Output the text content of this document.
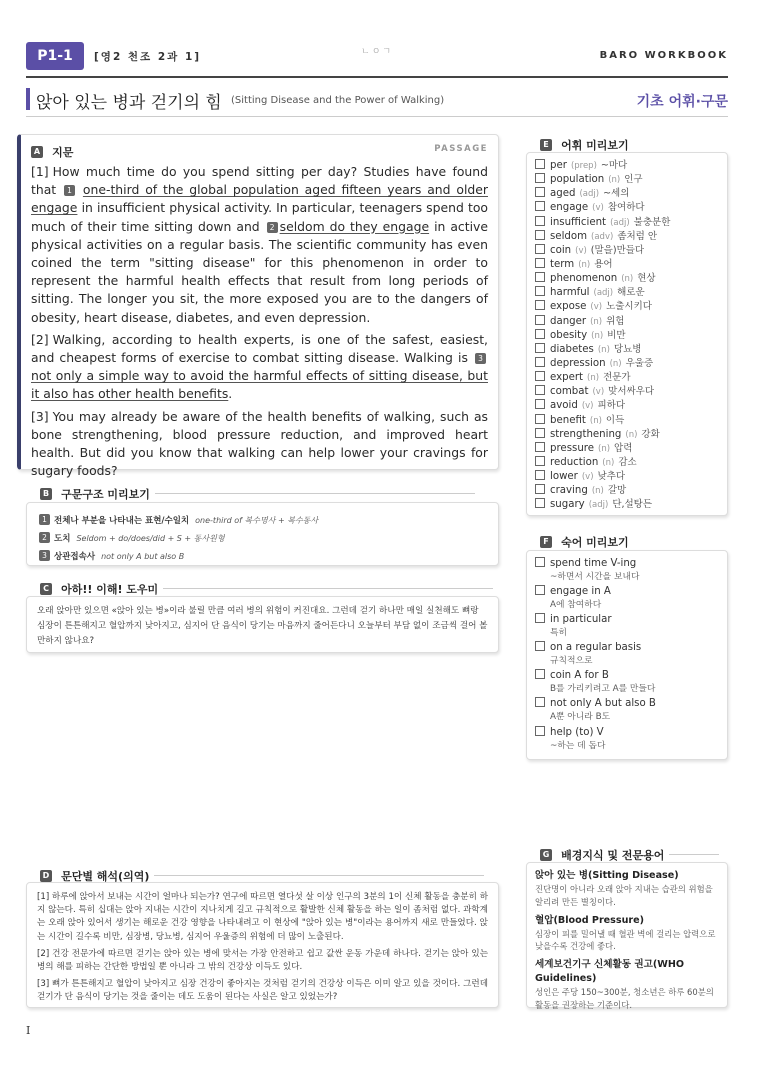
P1-1	[영2 천조 2과 1]	ㄴㅇㄱ	BARO WORKBOOK
앉아 있는 병과 걷기의 힘 (Sitting Disease and the Power of Walking)	기초 어휘·구문
A 지문	PASSAGE

[1] How much time do you spend sitting per day? Studies have found that 1 one-third of the global population aged fifteen years and older engage in insufficient physical activity. In particular, teenagers spend too much of their time sitting down and 2 seldom do they engage in active physical activities on a regular basis. The scientific community has even coined the term "sitting disease" for this phenomenon in order to represent the harmful health effects that result from long periods of sitting. The longer you sit, the more exposed you are to the dangers of obesity, heart disease, diabetes, and even depression.

[2] Walking, according to health experts, is one of the safest, easiest, and cheapest forms of exercise to combat sitting disease. Walking is 3not only a simple way to avoid the harmful effects of sitting disease, but it also has other health benefits.

[3] You may already be aware of the health benefits of walking, such as bone strengthening, blood pressure reduction, and improved heart health. But did you know that walking can help lower your cravings for sugary foods?

B 구문구조 미리보기
1 전체나 부분을 나타내는 표현/수일치 one-third of 복수명사 + 복수동사
2 도치 Seldom + do/does/did + S + 동사원형
3 상관접속사 not only A but also B
C 아하!! 이해! 도우미
오래 앉아만 있으면 «앉아 있는 병»이라 불릴 만큼 여러 병의 위험이 커진대요. 그런데 걷기 하나만 매일 실천해도 뼈랑 심장이 튼튼해지고 혈압까지 낮아지고, 심지어 단 음식이 당기는 마음까지 줄어든다니 오늘부터 부담 없이 조금씩 걸어 볼 만하지 않나요?
D 문단별 해석(의역)

[1] 하루에 앉아서 보내는 시간이 얼마나 되는가? 연구에 따르면 열다섯 살 이상 인구의 3분의 1이 신체 활동을 충분히 하지 않는다. 특히 십대는 앉아 지내는 시간이 지나치게 길고 규칙적으로 활발한 신체 활동을 하는 일이 좀처럼 없다. 과학계는 오래 앉아 있어서 생기는 해로운 건강 영향을 나타내려고 이 현상에 "앉아 있는 병"이라는 용어까지 새로 만들었다. 앉는 시간이 길수록 비만, 심장병, 당뇨병, 심지어 우울증의 위험에 더 많이 노출된다.

[2] 건강 전문가에 따르면 걷기는 앉아 있는 병에 맞서는 가장 안전하고 쉽고 값싼 운동 가운데 하나다. 걷기는 앉아 있는 병의 해를 피하는 간단한 방법일 뿐 아니라 그 밖의 건강상 이득도 있다.

[3] 뼈가 튼튼해지고 혈압이 낮아지고 심장 건강이 좋아지는 것처럼 걷기의 건강상 이득은 이미 알고 있을 것이다. 그런데 걷기가 단 음식이 당기는 것을 줄이는 데도 도움이 된다는 사실은 알고 있었는가?

E 어휘 미리보기
per (prep) ~마다
population (n) 인구
aged (adj) ~세의
engage (v) 참여하다
insufficient (adj) 불충분한
seldom (adv) 좀처럼 안
coin (v) (말을)만들다
term (n) 용어
phenomenon (n) 현상
harmful (adj) 해로운
expose (v) 노출시키다
danger (n) 위험
obesity (n) 비만
diabetes (n) 당뇨병
depression (n) 우울증
expert (n) 전문가
combat (v) 맞서싸우다
avoid (v) 피하다
benefit (n) 이득
strengthening (n) 강화
pressure (n) 압력
reduction (n) 감소
lower (v) 낮추다
craving (n) 갈망
sugary (adj) 단,설탕든
F 숙어 미리보기
spend time V-ing
~하면서 시간을 보내다
engage in A
A에 참여하다
in particular
특히
on a regular basis
규칙적으로
coin A for B
B를 가리키려고 A를 만들다
not only A but also B
A뿐 아니라 B도
help (to) V
~하는 데 돕다
G 배경지식 및 전문용어
앉아 있는 병(Sitting Disease)
진단명이 아니라 오래 앉아 지내는 습관의 위험을 알리려 만든 별칭이다.
혈압(Blood Pressure)
심장이 피를 밀어낼 때 혈관 벽에 걸리는 압력으로 낮을수록 건강에 좋다.
세계보건기구 신체활동 권고(WHO Guidelines)
성인은 주당 150~300분, 청소년은 하루 60분의 활동을 권장하는 기준이다.
I
